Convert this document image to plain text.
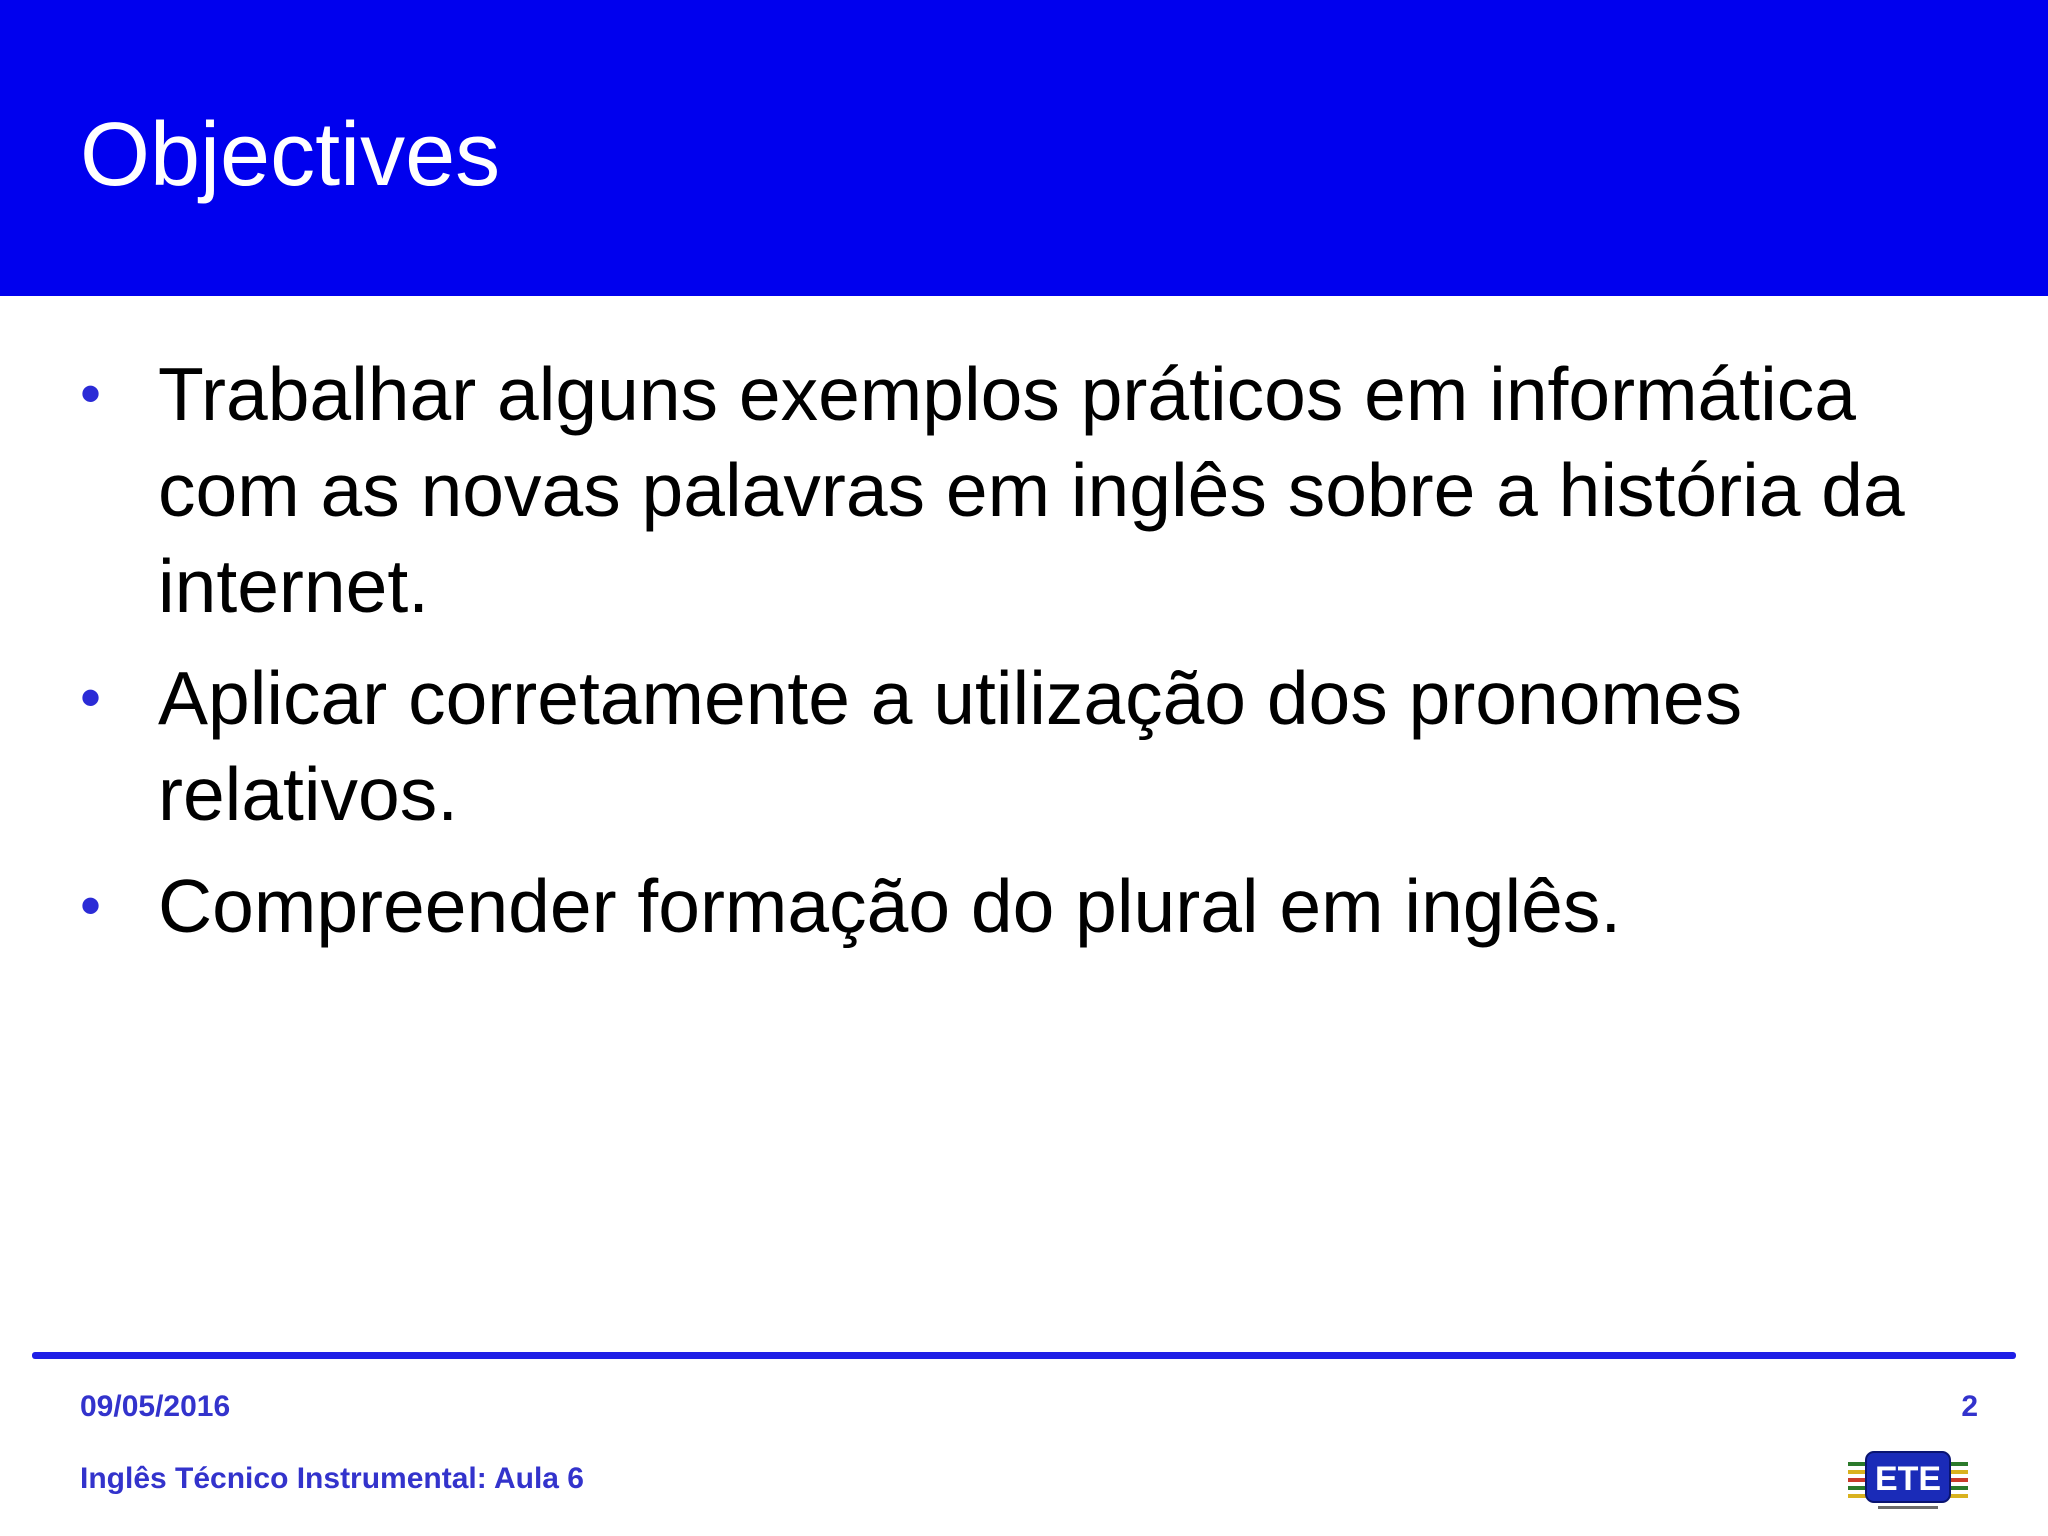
Objectives
• Trabalhar alguns exemplos práticos em informática com as novas palavras em inglês sobre a história da internet.
• Aplicar corretamente a utilização dos pronomes relativos.
• Compreender formação do plural em inglês.
09/05/2016	2
Inglês Técnico Instrumental: Aula 6	ETE
